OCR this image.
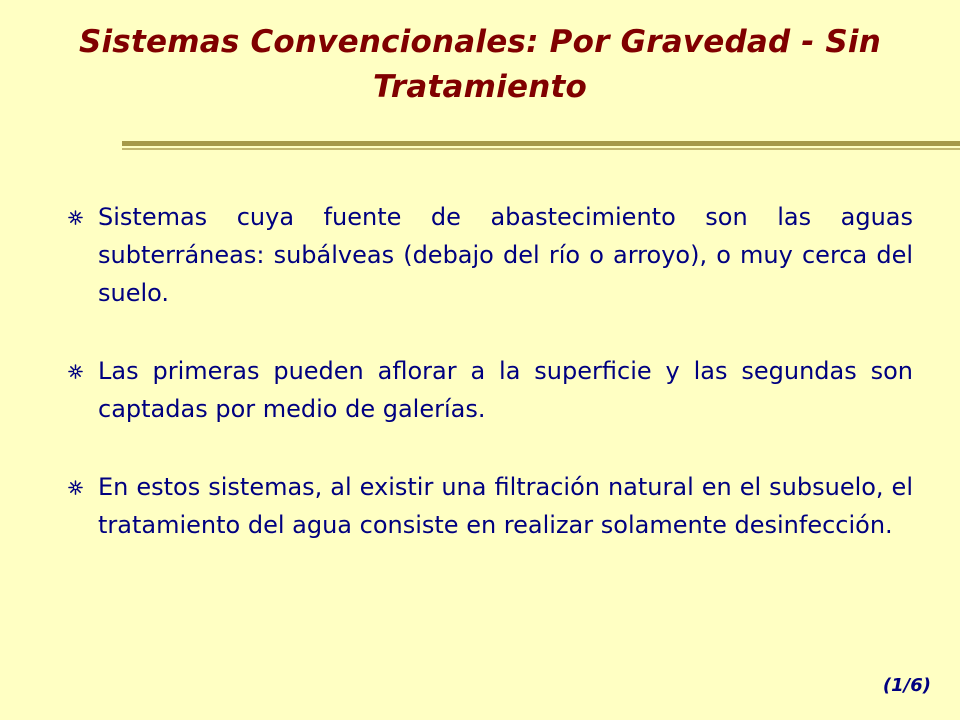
Sistemas Convencionales: Por Gravedad - Sin Tratamiento
Sistemas cuya fuente de abastecimiento son las aguas subterráneas: subálveas (debajo del río o arroyo), o muy cerca del suelo.
Las primeras pueden aflorar a la superficie y las segundas son captadas por medio de galerías.
En estos sistemas, al existir una filtración natural en el subsuelo, el tratamiento del agua consiste en realizar solamente desinfección.
(1/6)
